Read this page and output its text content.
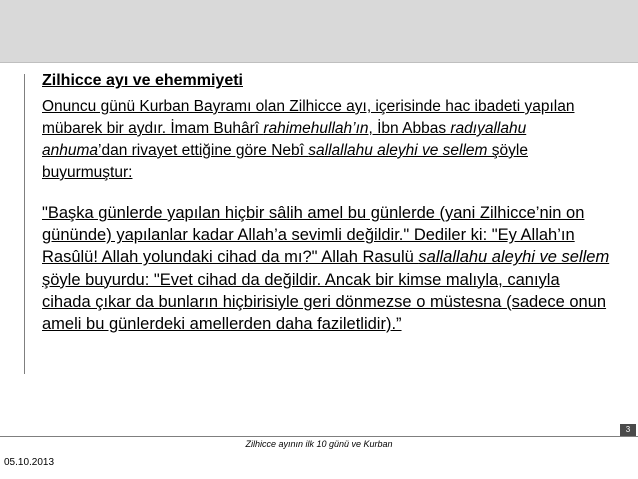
Zilhicce ayı ve ehemmiyeti

Onuncu günü Kurban Bayramı olan Zilhicce ayı, içerisinde hac ibadeti yapılan mübarek bir aydır. İmam Buhârî rahimehullah’ın, İbn Abbas radıyallahu anhuma’dan rivayet ettiğine göre Nebî sallallahu aleyhi ve sellem şöyle buyurmuştur:

"Başka günlerde yapılan hiçbir sâlih amel bu günlerde (yani Zilhicce’nin on gününde) yapılanlar kadar Allah’a sevimli değildir." Dediler ki: "Ey Allah’ın Rasûlü! Allah yolundaki cihad da mı?" Allah Rasulü sallallahu aleyhi ve sellem şöyle buyurdu: "Evet cihad da değildir. Ancak bir kimse malıyla, canıyla cihada çıkar da bunların hiçbirisiyle geri dönmezse o müstesna (sadece onun ameli bu günlerdeki amellerden daha faziletlidir).”

3
Zilhicce ayının ilk 10 günü ve Kurban
05.10.2013
